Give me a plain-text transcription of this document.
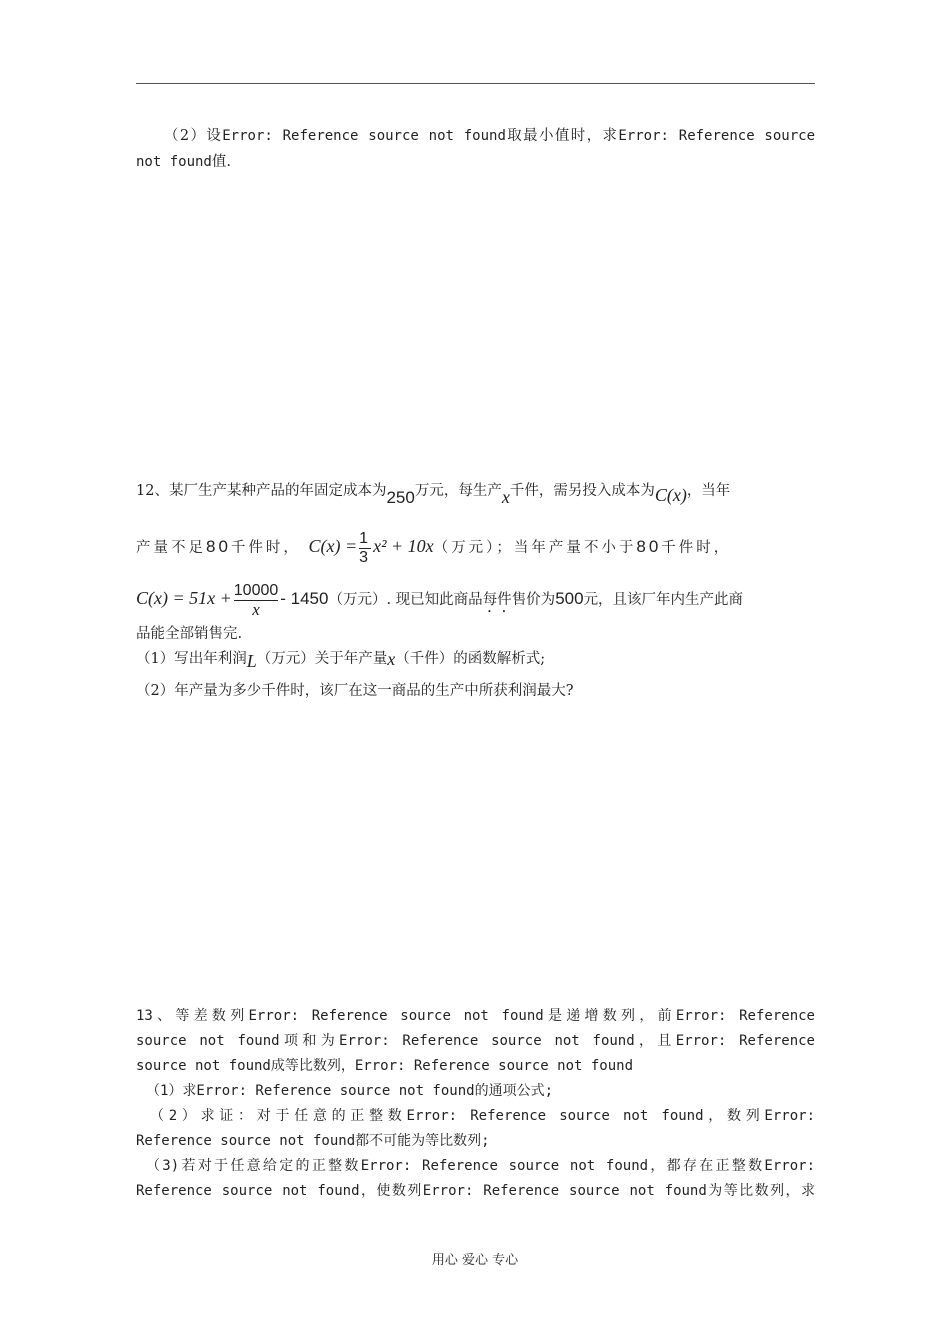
（2）设Error: Reference source not found取最小值时，求Error: Reference source
not found值.
12、某厂生产某种产品的年固定成本为250万元，每生产x千件，需另投入成本为C(x)，当年
产量不足80千件时， $C(x) = \frac{1}{3} x^2 + 10x$（万元）；当年产量不小于80千件时，
$C(x) = 51x + \frac{10000}{x} - 1450$（万元）. 现已知此商品每件售价为500元，且该厂年内生产此商
品能全部销售完.
（1）写出年利润L（万元）关于年产量x（千件）的函数解析式;
（2）年产量为多少千件时，该厂在这一商品的生产中所获利润最大?
13、等差数列Error: Reference source not found是递增数列，前Error: Reference
source not found项和为Error: Reference source not found，且Error: Reference
source not found成等比数列，Error: Reference source not found
（1）求Error: Reference source not found的通项公式;
（2）求证：对于任意的正整数Error: Reference source not found，数列Error:
Reference source not found都不可能为等比数列;
（3)若对于任意给定的正整数Error: Reference source not found，都存在正整数Error:
Reference source not found，使数列Error: Reference source not found为等比数列，求
用心 爱心 专心
